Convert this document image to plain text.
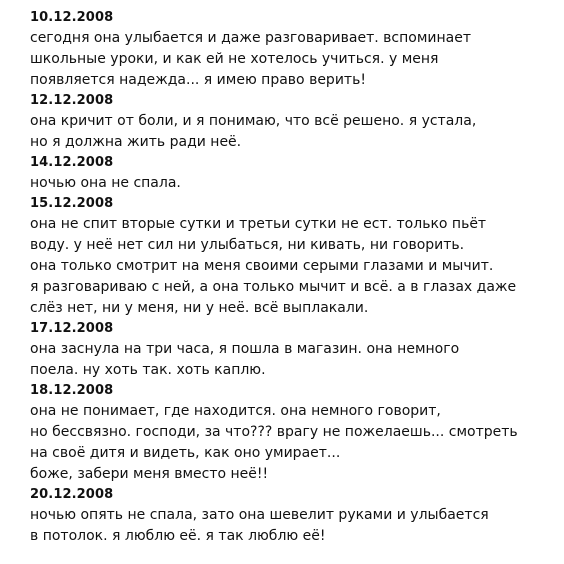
10.12.2008
сегодня она улыбается и даже разговаривает. вспоминает
школьные уроки, и как ей не хотелось учиться. у меня
появляется надежда... я имею право верить!
12.12.2008
она кричит от боли, и я понимаю, что всё решено. я устала,
но я должна жить ради неё.
14.12.2008
ночью она не спала.
15.12.2008
она не спит вторые сутки и третьи сутки не ест. только пьёт
воду. у неё нет сил ни улыбаться, ни кивать, ни говорить.
она только смотрит на меня своими серыми глазами и мычит.
я разговариваю с ней, а она только мычит и всё. а в глазах даже
слёз нет, ни у меня, ни у неё. всё выплакали.
17.12.2008
она заснула на три часа, я пошла в магазин. она немного
поела. ну хоть так. хоть каплю.
18.12.2008
она не понимает, где находится. она немного говорит,
но бессвязно. господи, за что??? врагу не пожелаешь... смотреть
на своё дитя и видеть, как оно умирает...
боже, забери меня вместо неё!!
20.12.2008
ночью опять не спала, зато она шевелит руками и улыбается
в потолок. я люблю её. я так люблю её!
